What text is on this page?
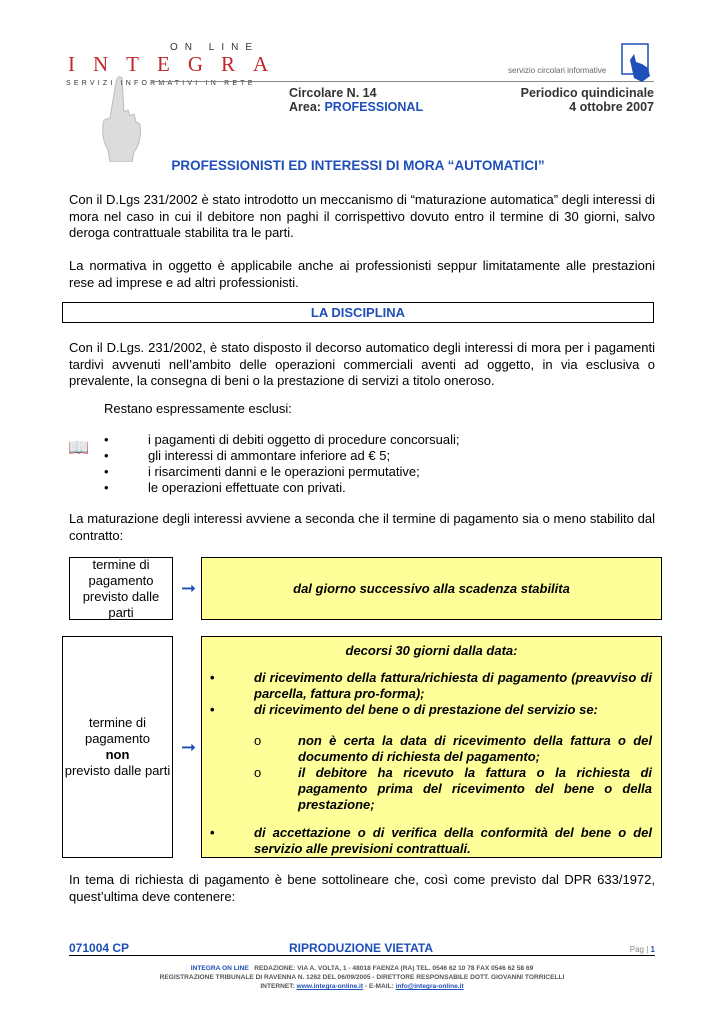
ON LINE
INTEGRA
SERVIZI INFORMATIVI IN RETE
servizio circolari informative
Circolare N. 14
Area: PROFESSIONAL
Periodico quindicinale
4 ottobre 2007
PROFESSIONISTI ED INTERESSI DI MORA “AUTOMATICI”

Con il D.Lgs 231/2002 è stato introdotto un meccanismo di “maturazione automatica” degli interessi di mora nel caso in cui il debitore non paghi il corrispettivo dovuto entro il termine di 30 giorni, salvo deroga contrattuale stabilita tra le parti.

La normativa in oggetto è applicabile anche ai professionisti seppur limitatamente alle prestazioni rese ad imprese e ad altri professionisti.

LA DISCIPLINA

Con il D.Lgs. 231/2002, è stato disposto il decorso automatico degli interessi di mora per i pagamenti tardivi avvenuti nell’ambito delle operazioni commerciali aventi ad oggetto, in via esclusiva o prevalente, la consegna di beni o la prestazione di servizi a titolo oneroso.

Restano espressamente esclusi:

📖
•	i pagamenti di debiti oggetto di procedure concorsuali;
• gli interessi di ammontare inferiore ad € 5;
• i risarcimenti danni e le operazioni permutative;
• le operazioni effettuate con privati.

La maturazione degli interessi avviene a seconda che il termine di pagamento sia o meno stabilito dal contratto:

termine di pagamento previsto dalle parti
➞	dal giorno successivo alla scadenza stabilita
termine di pagamento
non
previsto dalle parti
➞
decorsi 30 giorni dalla data:
• di ricevimento della fattura/richiesta di pagamento (preavviso di parcella, fattura pro-forma);
• di ricevimento del bene o di prestazione del servizio se:
o non è certa la data di ricevimento della fattura o del documento di richiesta del pagamento;
o il debitore ha ricevuto la fattura o la richiesta di pagamento prima del ricevimento del bene o della prestazione;
• di accettazione o di verifica della conformità del bene o del servizio alle previsioni contrattuali.

In tema di richiesta di pagamento è bene sottolineare che, così come previsto dal DPR 633/1972, quest’ultima deve contenere:

071004 CP	RIPRODUZIONE VIETATA	Pag | 1
INTEGRA ON LINE REDAZIONE: VIA A. VOLTA, 1 - 48018 FAENZA (RA) TEL. 0546 62 10 78 FAX 0546 62 58 69
REGISTRAZIONE TRIBUNALE DI RAVENNA N. 1262 DEL 06/09/2005 - DIRETTORE RESPONSABILE DOTT. GIOVANNI TORRICELLI
INTERNET: www.integra-online.it - E-MAIL: info@integra-online.it
